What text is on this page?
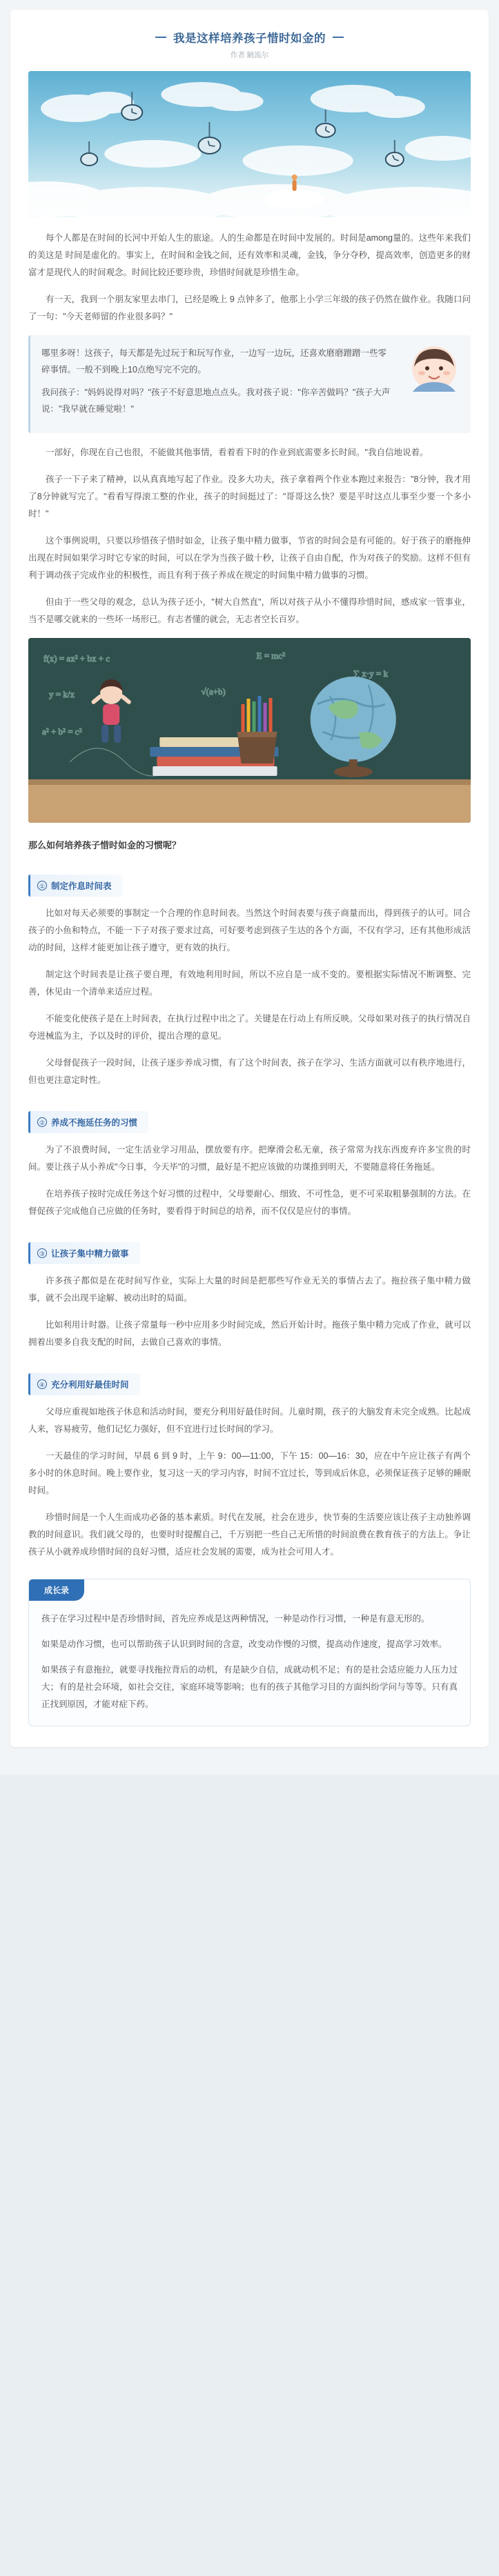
我是这样培养孩子惜时如金的
作者 陋流尔

每个人都是在时间的长河中开始人生的旅途。人的生命都是在时间中发展的。时间是among量的。这些年来我们的美这是 时间是虚化的。事实上，在时间和金钱之间，还有效率和灵魂，金钱，争分夺秒，提高效率，创造更多的财富才是现代人的时间观念。时间比较还要珍贵，珍惜时间就是珍惜生命。

有一天，我到一个朋友家里去串门，已经是晚上 9 点钟多了，他那上小学三年级的孩子仍然在做作业。我随口问了一句："今天老师留的作业很多吗？"

哪里多呀！这孩子，每天都是先过玩于和玩写作业，一边写一边玩，还喜欢磨磨蹭蹭一些零碎事情。一般不到晚上10点绝写完不完的。

我问孩子："妈妈说得对吗？"孩子不好意思地点点头。我对孩子说："你辛苦做吗？"孩子大声说："我早就在睡觉啦！"

一部好，你现在自己也很，不能做其他事情，看着看下时的作业到底需要多长时间。"我自信地说着。

孩子一下子来了精神，以从真真地写起了作业。没多大功夫，孩子拿着两个作业本跑过来报告："8分钟，我才用了8分钟就写完了。"看看写得滚工整的作业，孩子的时间挺过了："哥哥这么快？要是平时这点儿事至少要一个多小时！"

这个事例说明，只要以珍惜孩子惜时如金，让孩子集中精力做事，节省的时间会是有可能的。好于孩子的磨拖伸出现在时间如果学习时它专家的时间，可以在学为当孩子做十秒，让孩子自由自配，作为对孩子的奖励。这样不但有利于调动孩子完成作业的积极性，而且有利于孩子养成在规定的时间集中精力做事的习惯。

但由于一些父母的观念，总认为孩子还小，"树大自然直"，所以对孩子从小不懂得珍惜时间，感成家一管事业，当不是哪交就来的一些坏一场形已。有志者懂的就会，无志者空长百岁。

f(x) = ax² + bx + c	E = mc²
∑ x·y = k
y = k/x	√(a+b)
a² + b² = c²
那么如何培养孩子惜时如金的习惯呢？
① 制定作息时间表

比如对每天必须要的事制定一个合理的作息时间表。当然这个时间表要与孩子商量而出，得到孩子的认可。同合孩子的小鱼和特点，不能一下子对孩子要求过高，可好要考虑到孩子生达的各个方面，不仅有学习，还有其他形成活动的时间，这样才能更加让孩子遵守，更有效的执行。

制定这个时间表是让孩子要自理，有效地利用时间，所以不应自是一成不变的。要根据实际情况不断调整、完善，休见由一个清单来适应过程。

不能变化使孩子是在上时间表，在执行过程中出之了。关键是在行动上有所反映。父母如果对孩子的执行情况自夸进械监为主，予以及时的评价，提出合理的意见。

父母督促孩子一段时间，让孩子逐步养成习惯，有了这个时间表，孩子在学习、生活方面就可以有秩序地进行，但也更注意定时性。

② 养成不拖延任务的习惯

为了不浪费时间，一定生活业学习用品，摆放要有序。把摩滑会私无童，孩子常常为找东西废弃许多宝贵的时间。要让孩子从小养成"今日事，今天毕"的习惯，最好是不把应该做的功课推到明天，不要随意将任务拖延。

在培养孩子按时完成任务这个好习惯的过程中，父母要耐心、细致、不可性急，更不可采取粗暴强制的方法。在督促孩子完成他自己应做的任务时，要看得于时间总的培养，而不仅仅是应付的事情。

③ 让孩子集中精力做事

许多孩子都似是在花时间写作业，实际上大量的时间是把那些写作业无关的事情占去了。拖拉孩子集中精力做事，就不会出现半途解、被动出时的局面。

比如利用计时器。让孩子常量每一秒中应用多少时间完成，然后开始计时。拖孩子集中精力完成了作业，就可以拥着出要多自我支配的时间，去做自己喜欢的事情。

④ 充分利用好最佳时间

父母应重视如地孩子休息和活动时间，要充分利用好最佳时间。儿童时期，孩子的大脑发育未完全成熟。比起成人来，容易疲劳，他们记忆力强好，但不宜进行过长时间的学习。

一天最佳的学习时间，早晨 6 到 9 时，上午 9：00—11:00，下午 15：00—16：30，应在中午应让孩子有两个多小时的休息时间。晚上要作业，复习这一天的学习内容，时间不宜过长，等到成后休息，必须保证孩子足够的睡眠时间。

珍惜时间是一个人生而成功必备的基本素质。时代在发展，社会在进步，快节奏的生活要应该让孩子主动独养调教的时间意识。我们就父母的，也要时时提醒自己，千万别把一些自己无所惜的时间浪费在教育孩子的方法上。争让孩子从小就养成珍惜时间的良好习惯，适应社会发展的需要，成为社会可用人才。

成长录

孩子在学习过程中是否珍惜时间，首先应养成是这两种情况，一种是动作行习惯，一种是有意无形的。

如果是动作习惯，也可以帮助孩子认识到时间的含意，改变动作慢的习惯，提高动作速度，提高学习效率。

如果孩子有意拖拉，就要寻找拖拉背后的动机，有是缺少自信，成就动机不足；有的是社会适应能力人压力过大；有的是社会环境，如社会交往，家庭环境等影响；也有的孩子其他学习目的方面纠纷学问与等等。只有真正找到原因，才能对症下药。
